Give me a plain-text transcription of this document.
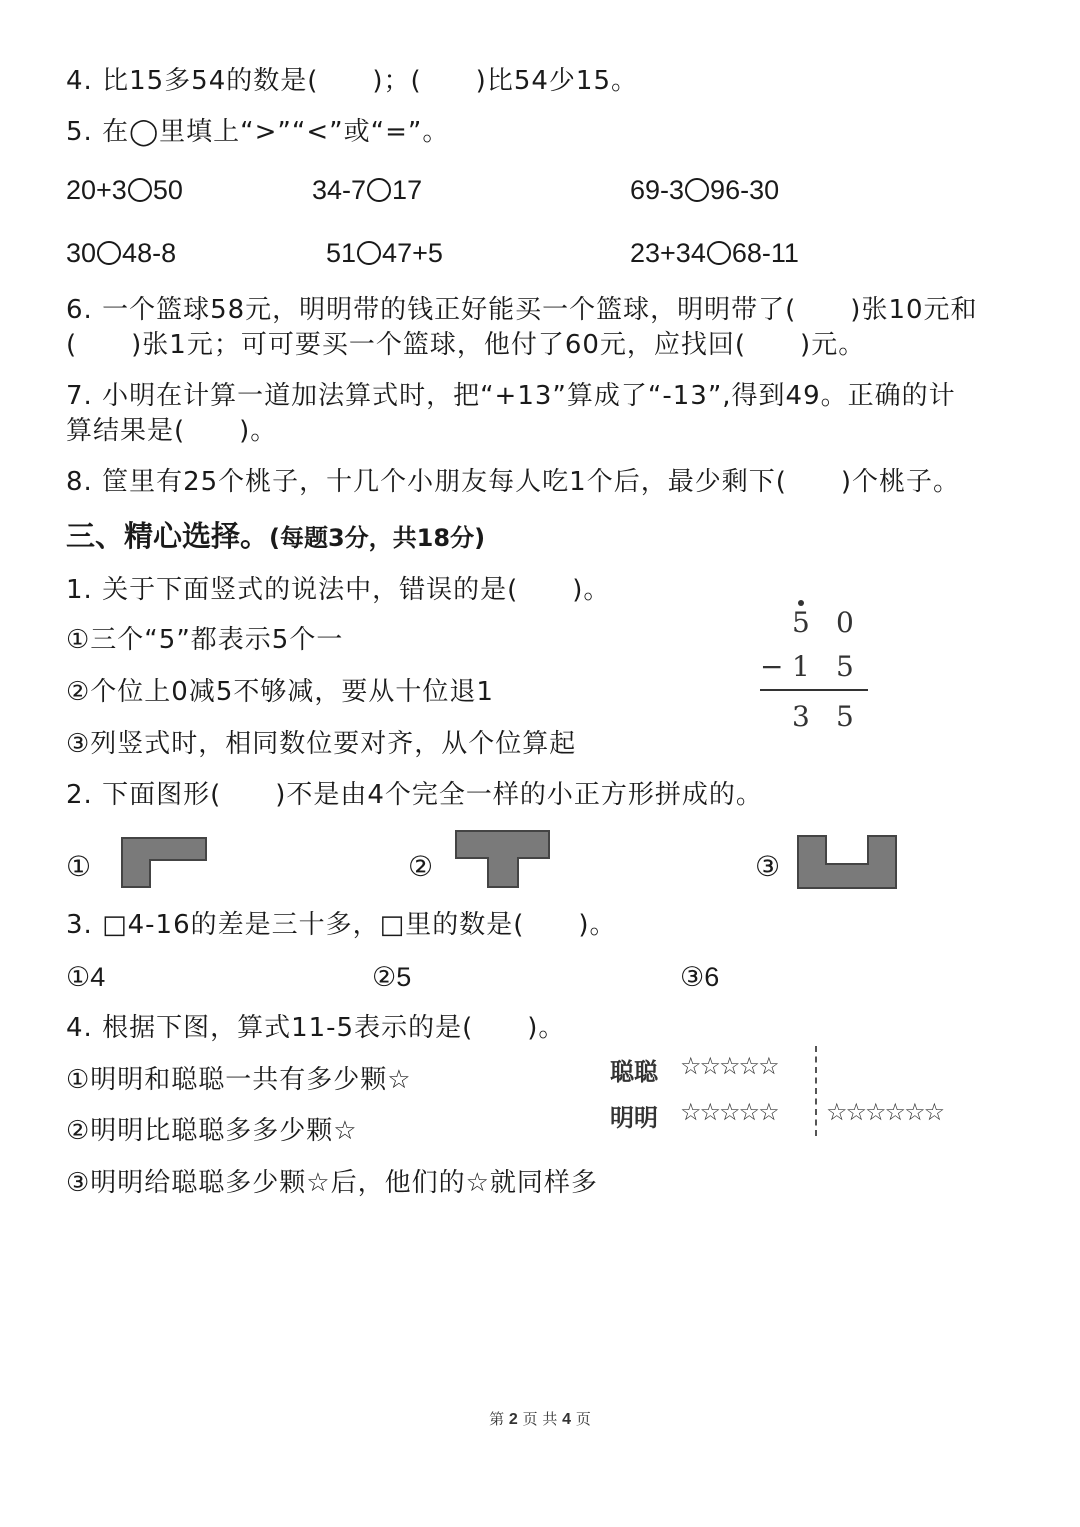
4. 比15多54的数是(　　)；(　　)比54少15。
5. 在◯里填上“>”“<”或“=”。
20+3 50	34-7 17	69-3 96-30
30 48-8	51 47+5	23+34 68-11
6. 一个篮球58元，明明带的钱正好能买一个篮球，明明带了(　　)张10元和
(　　)张1元；可可要买一个篮球，他付了60元，应找回(　　)元。
7. 小明在计算一道加法算式时，把“+13”算成了“-13”,得到49。正确的计
算结果是(　　)。
8. 筐里有25个桃子，十几个小朋友每人吃1个后，最少剩下(　　)个桃子。
三、精心选择。(每题3分，共18分)
1. 关于下面竖式的说法中，错误的是(　　)。
①三个“5”都表示5个一
②个位上0减5不够减，要从十位退1
③列竖式时，相同数位要对齐，从个位算起
5 0
− 1 5
3 5
2. 下面图形(　　)不是由4个完全一样的小正方形拼成的。
①	②	③
3. □4-16的差是三十多，□里的数是(　　)。
①4	②5	③6
4. 根据下图，算式11-5表示的是(　　)。
①明明和聪聪一共有多少颗☆
②明明比聪聪多多少颗☆
③明明给聪聪多少颗☆后，他们的☆就同样多
聪聪 ☆☆☆☆☆
明明 ☆☆☆☆☆ ☆☆☆☆☆☆
第 2 页 共 4 页
